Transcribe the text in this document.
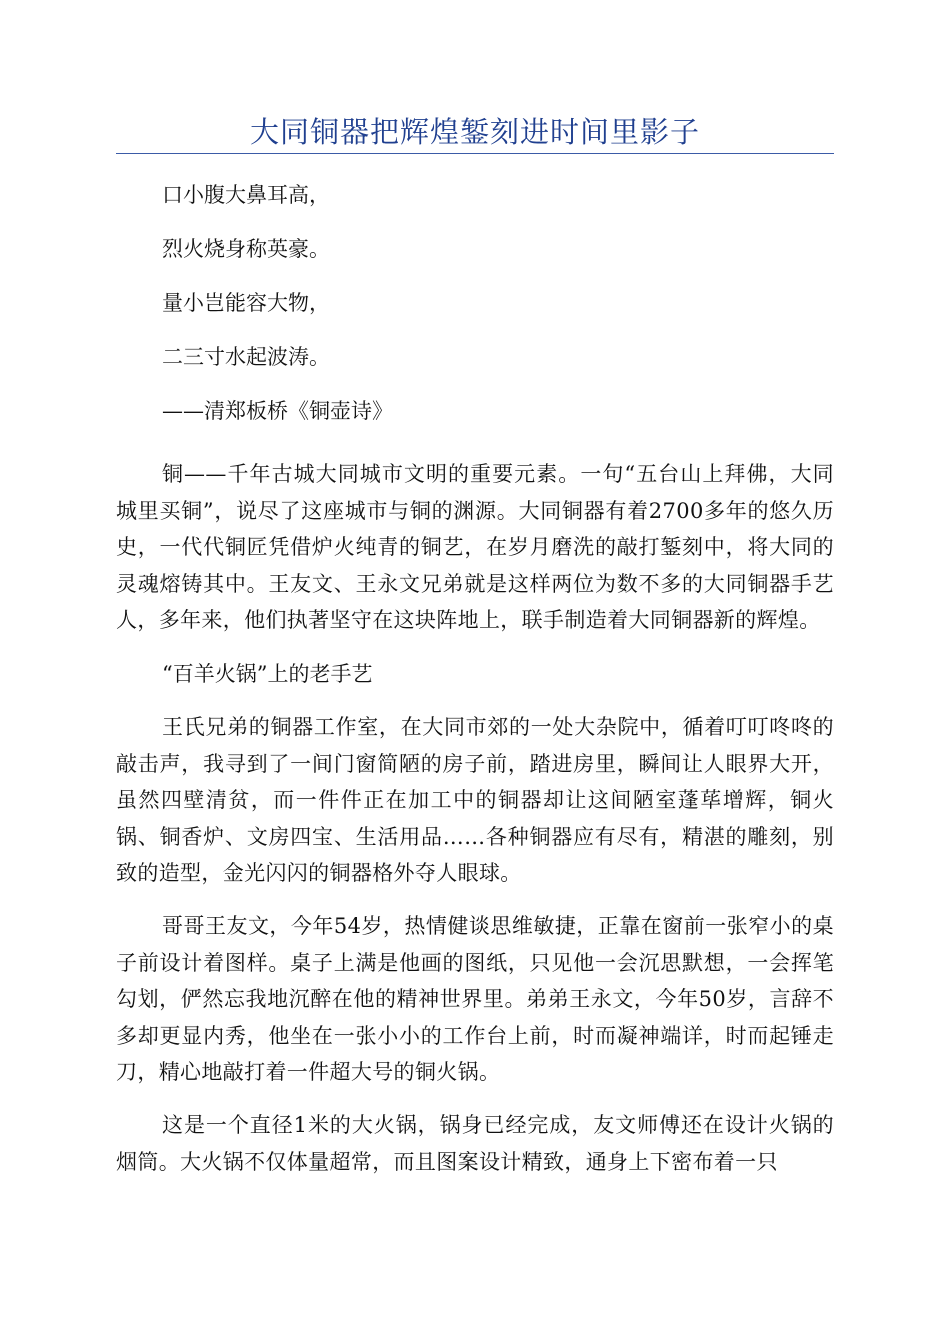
大同铜器把辉煌錾刻进时间里影子

口小腹大鼻耳高，

烈火烧身称英豪。

量小岂能容大物，

二三寸水起波涛。

——清郑板桥《铜壶诗》

铜——千年古城大同城市文明的重要元素。一句“五台山上拜佛，大同城里买铜”，说尽了这座城市与铜的渊源。大同铜器有着2700多年的悠久历史，一代代铜匠凭借炉火纯青的铜艺，在岁月磨洗的敲打錾刻中，将大同的灵魂熔铸其中。王友文、王永文兄弟就是这样两位为数不多的大同铜器手艺人，多年来，他们执著坚守在这块阵地上，联手制造着大同铜器新的辉煌。

“百羊火锅”上的老手艺

王氏兄弟的铜器工作室，在大同市郊的一处大杂院中，循着叮叮咚咚的敲击声，我寻到了一间门窗简陋的房子前，踏进房里，瞬间让人眼界大开，虽然四壁清贫，而一件件正在加工中的铜器却让这间陋室蓬荜增辉，铜火锅、铜香炉、文房四宝、生活用品……各种铜器应有尽有，精湛的雕刻，别致的造型，金光闪闪的铜器格外夺人眼球。

哥哥王友文，今年54岁，热情健谈思维敏捷，正靠在窗前一张窄小的桌子前设计着图样。桌子上满是他画的图纸，只见他一会沉思默想，一会挥笔勾划，俨然忘我地沉醉在他的精神世界里。弟弟王永文，今年50岁，言辞不多却更显内秀，他坐在一张小小的工作台上前，时而凝神端详，时而起锤走刀，精心地敲打着一件超大号的铜火锅。

这是一个直径1米的大火锅，锅身已经完成，友文师傅还在设计火锅的烟筒。大火锅不仅体量超常，而且图案设计精致，通身上下密布着一只
